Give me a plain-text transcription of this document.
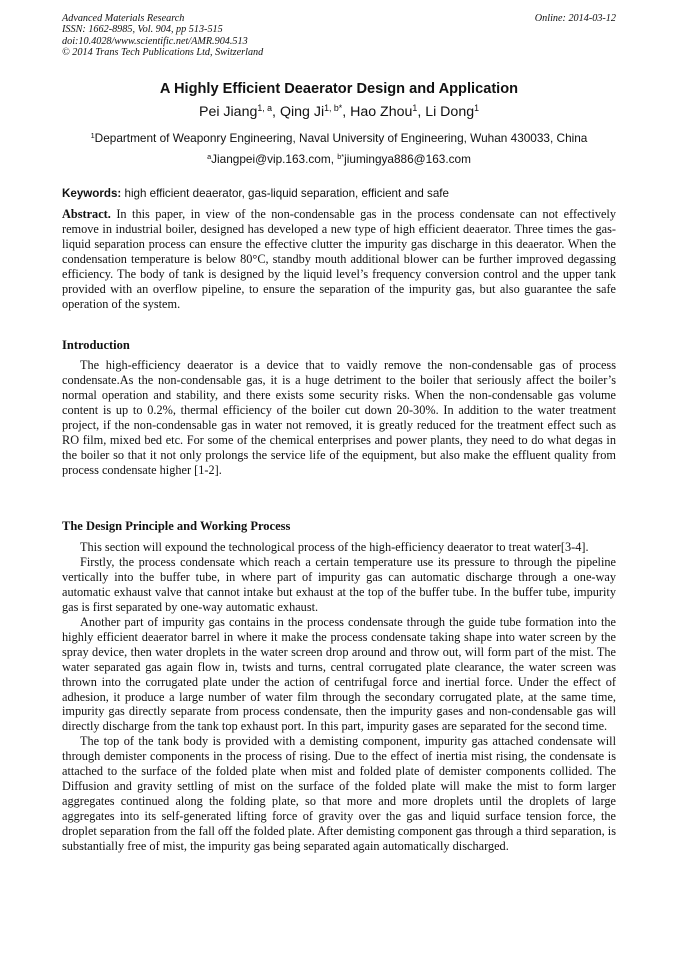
Advanced Materials Research
ISSN: 1662-8985, Vol. 904, pp 513-515
doi:10.4028/www.scientific.net/AMR.904.513
© 2014 Trans Tech Publications Ltd, Switzerland
Online: 2014-03-12
A Highly Efficient Deaerator Design and Application
Pei Jiang$^{1, a}$, Qing $Ji^{1, b*}$, Hao Zhou$^1$, Li Dong$^1$
$^1$Department of Weaponry Engineering, Naval University of Engineering, Wuhan 430033, China
$^a$Jiangpei@vip.163.com, $^{b*}$jiumingya886@163.com
Keywords: high efficient deaerator, gas-liquid separation, efficient and safe
Abstract. In this paper, in view of the non-condensable gas in the process condensate can not effectively remove in industrial boiler, designed has developed a new type of high efficient deaerator. Three times the gas-liquid separation process can ensure the effective clutter the impurity gas discharge in this deaerator. When the condensation temperature is below 80°C, standby mouth additional blower can be further improved degassing efficiency. The body of tank is designed by the liquid level’s frequency conversion control and the upper tank provided with an overflow pipeline, to ensure the separation of the impurity gas, but also guarantee the safe operation of the system.
Introduction

The high-efficiency deaerator is a device that to vaidly remove the non-condensable gas of process condensate.As the non-condensable gas, it is a huge detriment to the boiler that seriously affect the boiler’s normal operation and stability, and there exists some security risks. When the non-condensable gas volume content is up to 0.2%, thermal efficiency of the boiler cut down 20-30%. In addition to the water treatment project, if the non-condensable gas in water not removed, it is greatly reduced for the treatment effect such as RO film, mixed bed etc. For some of the chemical enterprises and power plants, they need to do what degas in the boiler so that it not only prolongs the service life of the equipment, but also make the effluent quality from process condensate higher [1-2].

The Design Principle and Working Process

This section will expound the technological process of the high-efficiency deaerator to treat water[3-4].

Firstly, the process condensate which reach a certain temperature use its pressure to through the pipeline vertically into the buffer tube, in where part of impurity gas can automatic discharge through a one-way automatic exhaust valve that cannot intake but exhaust at the top of the buffer tube. In the buffer tube, impurity gas is first separated by one-way automatic exhaust.

Another part of impurity gas contains in the process condensate through the guide tube formation into the highly efficient deaerator barrel in where it make the process condensate taking shape into water screen by the spray device, then water droplets in the water screen drop around and throw out, will form part of the mist. The water separated gas again flow in, twists and turns, central corrugated plate clearance, the water screen was thrown into the corrugated plate under the action of centrifugal force and inertial force. Under the effect of adhesion, it produce a large number of water film through the secondary corrugated plate, at the same time, impurity gas directly separate from process condensate, then the impurity gases and non-condensable gas will directly discharge from the tank top exhaust port. In this part, impurity gases are separated for the second time.

The top of the tank body is provided with a demisting component, impurity gas attached condensate will through demister components in the process of rising. Due to the effect of inertia mist rising, the condensate is attached to the surface of the folded plate when mist and folded plate of demister components collided. The Diffusion and gravity settling of mist on the surface of the folded plate will make the mist to form larger aggregates continued along the folding plate, so that more and more droplets until the droplets of large aggregates into its self-generated lifting force of gravity over the gas and liquid surface tension force, the droplet separation from the fall off the folded plate. After demisting component gas through a third separation, is substantially free of mist, the impurity gas being separated again automatically discharged.
